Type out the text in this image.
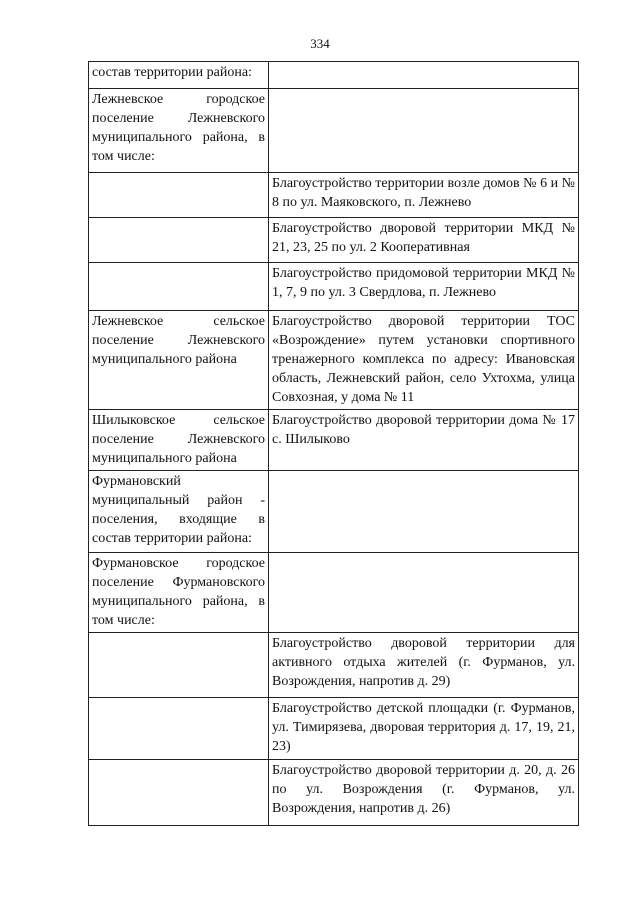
334
состав территории района:	
Лежневское городское поселение Лежневского муниципального района, в том числе:	
	Благоустройство территории возле домов № 6 и № 8 по ул. Маяковского, п. Лежнево
	Благоустройство дворовой территории МКД № 21, 23, 25 по ул. 2 Кооперативная
	Благоустройство придомовой территории МКД № 1, 7, 9 по ул. 3 Свердлова, п. Лежнево
Лежневское сельское поселение Лежневского муниципального района	Благоустройство дворовой территории ТОС «Возрождение» путем установки спортивного тренажерного комплекса по адресу: Ивановская область, Лежневский район, село Ухтохма, улица Совхозная, у дома № 11
Шилыковское сельское поселение Лежневского муниципального района	Благоустройство дворовой территории дома № 17 с. Шилыково
Фурмановский муниципальный район - поселения, входящие в состав территории района:	
Фурмановское городское поселение Фурмановского муниципального района, в том числе:	
	Благоустройство дворовой территории для активного отдыха жителей (г. Фурманов, ул. Возрождения, напротив д. 29)
	Благоустройство детской площадки (г. Фурманов, ул. Тимирязева, дворовая территория д. 17, 19, 21, 23)
	Благоустройство дворовой территории д. 20, д. 26 по ул. Возрождения (г. Фурманов, ул. Возрождения, напротив д. 26)
